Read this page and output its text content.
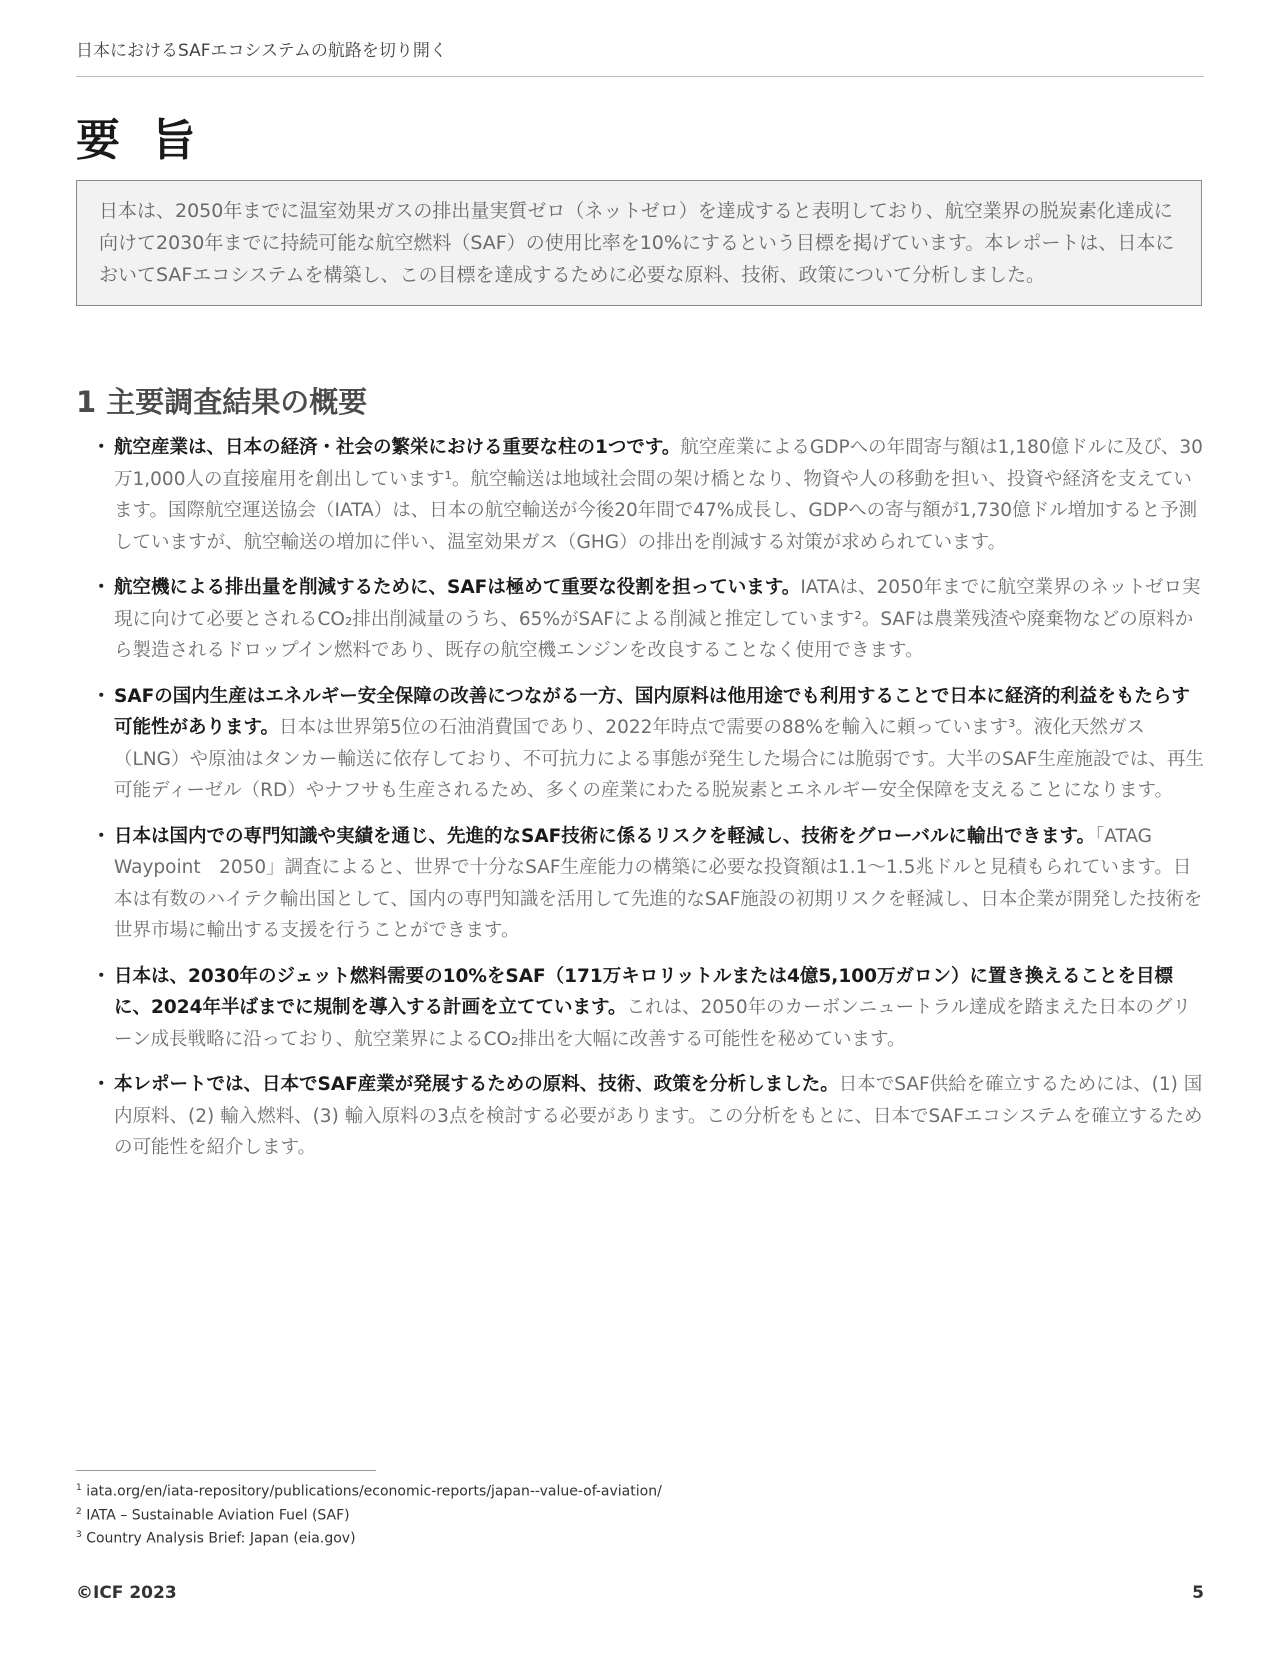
日本におけるSAFエコシステムの航路を切り開く
要 旨
日本は、2050年までに温室効果ガスの排出量実質ゼロ（ネットゼロ）を達成すると表明しており、航空業界の脱炭素化達成に向けて2030年までに持続可能な航空燃料（SAF）の使用比率を10%にするという目標を掲げています。本レポートは、日本においてSAFエコシステムを構築し、この目標を達成するために必要な原料、技術、政策について分析しました。
1 主要調査結果の概要
・ 航空産業は、日本の経済・社会の繁栄における重要な柱の1つです。航空産業によるGDPへの年間寄与額は1,180億ドルに及び、30万1,000人の直接雇用を創出しています¹。航空輸送は地域社会間の架け橋となり、物資や人の移動を担い、投資や経済を支えています。国際航空運送協会（IATA）は、日本の航空輸送が今後20年間で47%成長し、GDPへの寄与額が1,730億ドル増加すると予測していますが、航空輸送の増加に伴い、温室効果ガス（GHG）の排出を削減する対策が求められています。
・ 航空機による排出量を削減するために、SAFは極めて重要な役割を担っています。IATAは、2050年までに航空業界のネットゼロ実現に向けて必要とされるCO₂排出削減量のうち、65%がSAFによる削減と推定しています²。SAFは農業残渣や廃棄物などの原料から製造されるドロップイン燃料であり、既存の航空機エンジンを改良することなく使用できます。
・ SAFの国内生産はエネルギー安全保障の改善につながる一方、国内原料は他用途でも利用することで日本に経済的利益をもたらす可能性があります。日本は世界第5位の石油消費国であり、2022年時点で需要の88%を輸入に頼っています³。液化天然ガス（LNG）や原油はタンカー輸送に依存しており、不可抗力による事態が発生した場合には脆弱です。大半のSAF生産施設では、再生可能ディーゼル（RD）やナフサも生産されるため、多くの産業にわたる脱炭素とエネルギー安全保障を支えることになります。
・ 日本は国内での専門知識や実績を通じ、先進的なSAF技術に係るリスクを軽減し、技術をグローバルに輸出できます。「ATAG　Waypoint　2050」調査によると、世界で十分なSAF生産能力の構築に必要な投資額は1.1～1.5兆ドルと見積もられています。日本は有数のハイテク輸出国として、国内の専門知識を活用して先進的なSAF施設の初期リスクを軽減し、日本企業が開発した技術を世界市場に輸出する支援を行うことができます。
・ 日本は、2030年のジェット燃料需要の10%をSAF（171万キロリットルまたは4億5,100万ガロン）に置き換えることを目標に、2024年半ばまでに規制を導入する計画を立てています。これは、2050年のカーボンニュートラル達成を踏まえた日本のグリーン成長戦略に沿っており、航空業界によるCO₂排出を大幅に改善する可能性を秘めています。
・ 本レポートでは、日本でSAF産業が発展するための原料、技術、政策を分析しました。日本でSAF供給を確立するためには、(1) 国内原料、(2) 輸入燃料、(3) 輸入原料の3点を検討する必要があります。この分析をもとに、日本でSAFエコシステムを確立するための可能性を紹介します。
$^1$ iata.org/en/iata-repository/publications/economic-reports/japan--value-of-aviation/
$^2$ IATA – Sustainable Aviation Fuel (SAF)
$^3$ Country Analysis Brief: Japan (eia.gov)
©ICF 2023	5
